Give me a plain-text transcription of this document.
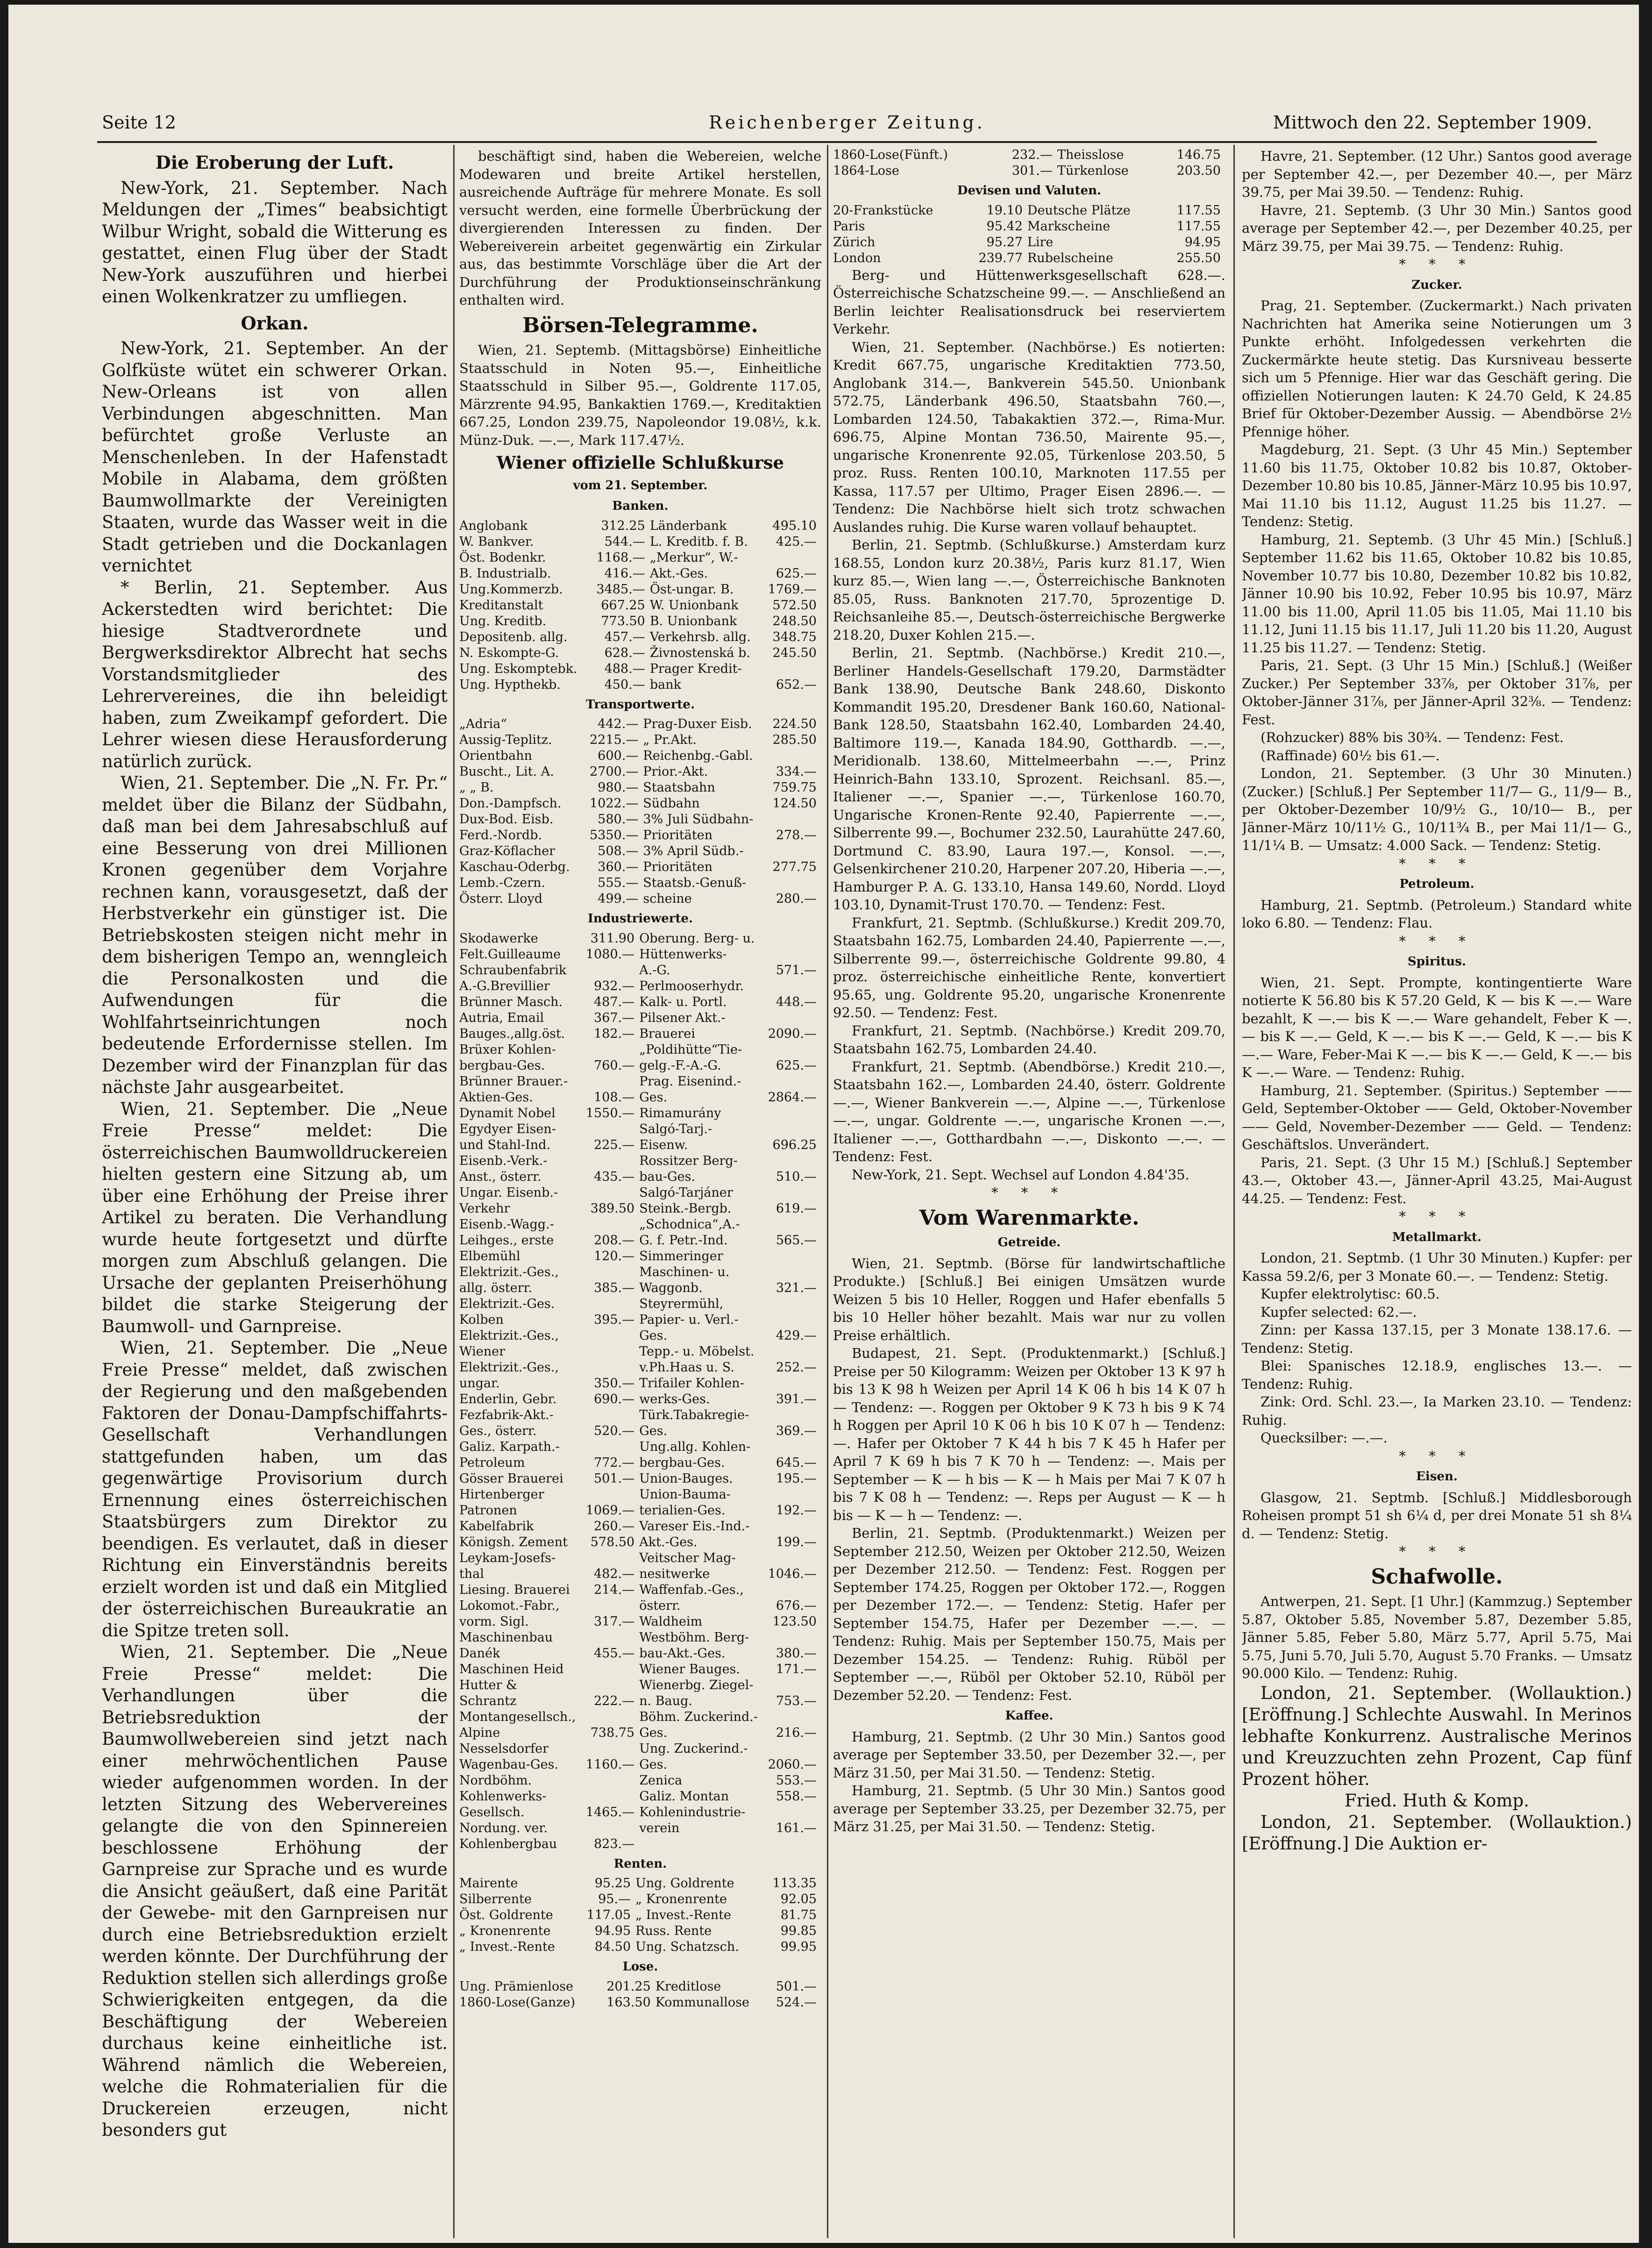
Seite 12	Reichenberger Zeitung.	Mittwoch den 22. September 1909.
Die Eroberung der Luft.

New-York, 21. September. Nach Meldungen der „Times“ beabsichtigt Wilbur Wright, sobald die Witterung es gestattet, einen Flug über der Stadt New-York auszuführen und hierbei einen Wolkenkratzer zu umfliegen.

Orkan.

New-York, 21. September. An der Golfküste wütet ein schwerer Orkan. New-Orleans ist von allen Verbindungen abgeschnitten. Man befürchtet große Verluste an Menschenleben. In der Hafenstadt Mobile in Alabama, dem größten Baumwollmarkte der Vereinigten Staaten, wurde das Wasser weit in die Stadt getrieben und die Dockanlagen vernichtet

* Berlin, 21. September. Aus Ackerstedten wird berichtet: Die hiesige Stadtverordnete und Bergwerksdirektor Albrecht hat sechs Vorstandsmitglieder des Lehrervereines, die ihn beleidigt haben, zum Zweikampf gefordert. Die Lehrer wiesen diese Herausforderung natürlich zurück.

Wien, 21. September. Die „N. Fr. Pr.“ meldet über die Bilanz der Südbahn, daß man bei dem Jahresabschluß auf eine Besserung von drei Millionen Kronen gegenüber dem Vorjahre rechnen kann, vorausgesetzt, daß der Herbstverkehr ein günstiger ist. Die Betriebskosten steigen nicht mehr in dem bisherigen Tempo an, wenngleich die Personalkosten und die Aufwendungen für die Wohlfahrtseinrichtungen noch bedeutende Erfordernisse stellen. Im Dezember wird der Finanzplan für das nächste Jahr ausgearbeitet.

Wien, 21. September. Die „Neue Freie Presse“ meldet: Die österreichischen Baumwolldruckereien hielten gestern eine Sitzung ab, um über eine Erhöhung der Preise ihrer Artikel zu beraten. Die Verhandlung wurde heute fortgesetzt und dürfte morgen zum Abschluß gelangen. Die Ursache der geplanten Preiserhöhung bildet die starke Steigerung der Baumwoll- und Garnpreise.

Wien, 21. September. Die „Neue Freie Presse“ meldet, daß zwischen der Regierung und den maßgebenden Faktoren der Donau-Dampfschiffahrts-Gesellschaft Verhandlungen stattgefunden haben, um das gegenwärtige Provisorium durch Ernennung eines österreichischen Staatsbürgers zum Direktor zu beendigen. Es verlautet, daß in dieser Richtung ein Einverständnis bereits erzielt worden ist und daß ein Mitglied der österreichischen Bureaukratie an die Spitze treten soll.

Wien, 21. September. Die „Neue Freie Presse“ meldet: Die Verhandlungen über die Betriebsreduktion der Baumwollwebereien sind jetzt nach einer mehrwöchentlichen Pause wieder aufgenommen worden. In der letzten Sitzung des Webervereines gelangte die von den Spinnereien beschlossene Erhöhung der Garnpreise zur Sprache und es wurde die Ansicht geäußert, daß eine Parität der Gewebe- mit den Garnpreisen nur durch eine Betriebsreduktion erzielt werden könnte. Der Durchführung der Reduktion stellen sich allerdings große Schwierigkeiten entgegen, da die Beschäftigung der Webereien durchaus keine einheitliche ist. Während nämlich die Webereien, welche die Rohmaterialien für die Druckereien erzeugen, nicht besonders gut

beschäftigt sind, haben die Webereien, welche Modewaren und breite Artikel herstellen, ausreichende Aufträge für mehrere Monate. Es soll versucht werden, eine formelle Überbrückung der divergierenden Interessen zu finden. Der Webereiverein arbeitet gegenwärtig ein Zirkular aus, das bestimmte Vorschläge über die Art der Durchführung der Produktionseinschränkung enthalten wird.

Börsen-Telegramme.

Wien, 21. Septemb. (Mittagsbörse) Einheitliche Staatsschuld in Noten 95.—, Einheitliche Staatsschuld in Silber 95.—, Goldrente 117.05, Märzrente 94.95, Bankaktien 1769.—, Kreditaktien 667.25, London 239.75, Napoleondor 19.08½, k.k. Münz-Duk. —.—, Mark 117.47½.

Wiener offizielle Schlußkurse
vom 21. September.
Banken.
Anglobank	312.25	Länderbank	495.10
W. Bankver.	544.—	L. Kreditb. f. B.	425.—
Öst. Bodenkr.	1168.—	„Merkur“, W.-	
B. Industrialb.	416.—	Akt.-Ges.	625.—
Ung.Kommerzb.	3485.—	Öst-ungar. B.	1769.—
Kreditanstalt	667.25	W. Unionbank	572.50
Ung. Kreditb.	773.50	B. Unionbank	248.50
Depositenb. allg.	457.—	Verkehrsb. allg.	348.75
N. Eskompte-G.	628.—	Živnostenská b.	245.50
Ung. Eskomptebk.	488.—	Prager Kredit-	
Ung. Hypthekb.	450.—	bank	652.—
Transportwerte.
„Adria“	442.—	Prag-Duxer Eisb.	224.50
Aussig-Teplitz.	2215.—	„ Pr.Akt.	285.50
Orientbahn	600.—	Reichenbg.-Gabl.	
Buscht., Lit. A.	2700.—	Prior.-Akt.	334.—
„ „ B.	980.—	Staatsbahn	759.75
Don.-Dampfsch.	1022.—	Südbahn	124.50
Dux-Bod. Eisb.	580.—	3% Juli Südbahn-	
Ferd.-Nordb.	5350.—	Prioritäten	278.—
Graz-Köflacher	508.—	3% April Südb.-	
Kaschau-Oderbg.	360.—	Prioritäten	277.75
Lemb.-Czern.	555.—	Staatsb.-Genuß-	
Österr. Lloyd	499.—	scheine	280.—
Industriewerte.
Skodawerke	311.90	Oberung. Berg- u.	
Felt.Guilleaume	1080.—	Hüttenwerks-	
Schraubenfabrik		A.-G.	571.—
A.-G.Brevillier	932.—	Perlmooserhydr.	
Brünner Masch.	487.—	Kalk- u. Portl.	448.—
Autria, Email	367.—	Pilsener Akt.-	
Bauges.,allg.öst.	182.—	Brauerei	2090.—
Brüxer Kohlen-		„Poldihütte“Tie-	
bergbau-Ges.	760.—	gelg.-F.-A.-G.	625.—
Brünner Brauer.-		Prag. Eisenind.-	
Aktien-Ges.	108.—	Ges.	2864.—
Dynamit Nobel	1550.—	Rimamurány	
Egydyer Eisen-		Salgó-Tarj.-	
und Stahl-Ind.	225.—	Eisenw.	696.25
Eisenb.-Verk.-		Rossitzer Berg-	
Anst., österr.	435.—	bau-Ges.	510.—
Ungar. Eisenb.-		Salgó-Tarjáner	
Verkehr	389.50	Steink.-Bergb.	619.—
Eisenb.-Wagg.-		„Schodnica“,A.-	
Leihges., erste	208.—	G. f. Petr.-Ind.	565.—
Elbemühl	120.—	Simmeringer	
Elektrizit.-Ges.,		Maschinen- u.	
allg. österr.	385.—	Waggonb.	321.—
Elektrizit.-Ges.		Steyrermühl,	
Kolben	395.—	Papier- u. Verl.-	
Elektrizit.-Ges.,		Ges.	429.—
Wiener		Tepp.- u. Möbelst.	
Elektrizit.-Ges.,		v.Ph.Haas u. S.	252.—
ungar.	350.—	Trifailer Kohlen-	
Enderlin, Gebr.	690.—	werks-Ges.	391.—
Fezfabrik-Akt.-		Türk.Tabakregie-	
Ges., österr.	520.—	Ges.	369.—
Galiz. Karpath.-		Ung.allg. Kohlen-	
Petroleum	772.—	bergbau-Ges.	645.—
Gösser Brauerei	501.—	Union-Bauges.	195.—
Hirtenberger		Union-Bauma-	
Patronen	1069.—	terialien-Ges.	192.—
Kabelfabrik	260.—	Vareser Eis.-Ind.-	
Königsh. Zement	578.50	Akt.-Ges.	199.—
Leykam-Josefs-		Veitscher Mag-	
thal	482.—	nesitwerke	1046.—
Liesing. Brauerei	214.—	Waffenfab.-Ges.,	
Lokomot.-Fabr.,		österr.	676.—
vorm. Sigl.	317.—	Waldheim	123.50
Maschinenbau		Westböhm. Berg-	
Danék	455.—	bau-Akt.-Ges.	380.—
Maschinen Heid		Wiener Bauges.	171.—
Hutter &		Wienerbg. Ziegel-	
Schrantz	222.—	n. Baug.	753.—
Montangesellsch.,		Böhm. Zuckerind.-	
Alpine	738.75	Ges.	216.—
Nesselsdorfer		Ung. Zuckerind.-	
Wagenbau-Ges.	1160.—	Ges.	2060.—
Nordböhm.		Zenica	553.—
Kohlenwerks-		Galiz. Montan	558.—
Gesellsch.	1465.—	Kohlenindustrie-	
Nordung. ver.		verein	161.—
Kohlenbergbau	823.—		
Renten.
Mairente	95.25	Ung. Goldrente	113.35
Silberrente	95.—	„ Kronenrente	92.05
Öst. Goldrente	117.05	„ Invest.-Rente	81.75
„ Kronenrente	94.95	Russ. Rente	99.85
„ Invest.-Rente	84.50	Ung. Schatzsch.	99.95
Lose.
Ung. Prämienlose	201.25	Kreditlose	501.—
1860-Lose(Ganze)	163.50	Kommunallose	524.—
1860-Lose(Fünft.)	232.—	Theisslose	146.75
1864-Lose	301.—	Türkenlose	203.50
Devisen und Valuten.
20-Frankstücke	19.10	Deutsche Plätze	117.55
Paris	95.42	Markscheine	117.55
Zürich	95.27	Lire	94.95
London	239.77	Rubelscheine	255.50

Berg- und Hüttenwerksgesellschaft 628.—. Österreichische Schatzscheine 99.—. — Anschließend an Berlin leichter Realisationsdruck bei reserviertem Verkehr.

Wien, 21. September. (Nachbörse.) Es notierten: Kredit 667.75, ungarische Kreditaktien 773.50, Anglobank 314.—, Bankverein 545.50. Unionbank 572.75, Länderbank 496.50, Staatsbahn 760.—, Lombarden 124.50, Tabakaktien 372.—, Rima-Mur. 696.75, Alpine Montan 736.50, Mairente 95.—, ungarische Kronenrente 92.05, Türkenlose 203.50, 5 proz. Russ. Renten 100.10, Marknoten 117.55 per Kassa, 117.57 per Ultimo, Prager Eisen 2896.—. — Tendenz: Die Nachbörse hielt sich trotz schwachen Auslandes ruhig. Die Kurse waren vollauf behauptet.

Berlin, 21. Septmb. (Schlußkurse.) Amsterdam kurz 168.55, London kurz 20.38½, Paris kurz 81.17, Wien kurz 85.—, Wien lang —.—, Österreichische Banknoten 85.05, Russ. Banknoten 217.70, 5prozentige D. Reichsanleihe 85.—, Deutsch-österreichische Bergwerke 218.20, Duxer Kohlen 215.—.

Berlin, 21. Septmb. (Nachbörse.) Kredit 210.—, Berliner Handels-Gesellschaft 179.20, Darmstädter Bank 138.90, Deutsche Bank 248.60, Diskonto Kommandit 195.20, Dresdener Bank 160.60, National-Bank 128.50, Staatsbahn 162.40, Lombarden 24.40, Baltimore 119.—, Kanada 184.90, Gotthardb. —.—, Meridionalb. 138.60, Mittelmeerbahn —.—, Prinz Heinrich-Bahn 133.10, Sprozent. Reichsanl. 85.—, Italiener —.—, Spanier —.—, Türkenlose 160.70, Ungarische Kronen-Rente 92.40, Papierrente —.—, Silberrente 99.—, Bochumer 232.50, Laurahütte 247.60, Dortmund C. 83.90, Laura 197.—, Konsol. —.—, Gelsenkirchener 210.20, Harpener 207.20, Hiberia —.—, Hamburger P. A. G. 133.10, Hansa 149.60, Nordd. Lloyd 103.10, Dynamit-Trust 170.70. — Tendenz: Fest.

Frankfurt, 21. Septmb. (Schlußkurse.) Kredit 209.70, Staatsbahn 162.75, Lombarden 24.40, Papierrente —.—, Silberrente 99.—, österreichische Goldrente 99.80, 4 proz. österreichische einheitliche Rente, konvertiert 95.65, ung. Goldrente 95.20, ungarische Kronenrente 92.50. — Tendenz: Fest.

Frankfurt, 21. Septmb. (Nachbörse.) Kredit 209.70, Staatsbahn 162.75, Lombarden 24.40.

Frankfurt, 21. Septmb. (Abendbörse.) Kredit 210.—, Staatsbahn 162.—, Lombarden 24.40, österr. Goldrente —.—, Wiener Bankverein —.—, Alpine —.—, Türkenlose —.—, ungar. Goldrente —.—, ungarische Kronen —.—, Italiener —.—, Gotthardbahn —.—, Diskonto —.—. — Tendenz: Fest.

New-York, 21. Sept. Wechsel auf London 4.84'35.

* * *
Vom Warenmarkte.
Getreide.

Wien, 21. Septmb. (Börse für landwirtschaftliche Produkte.) [Schluß.] Bei einigen Umsätzen wurde Weizen 5 bis 10 Heller, Roggen und Hafer ebenfalls 5 bis 10 Heller höher bezahlt. Mais war nur zu vollen Preise erhältlich.

Budapest, 21. Sept. (Produktenmarkt.) [Schluß.] Preise per 50 Kilogramm: Weizen per Oktober 13 K 97 h bis 13 K 98 h Weizen per April 14 K 06 h bis 14 K 07 h — Tendenz: —. Roggen per Oktober 9 K 73 h bis 9 K 74 h Roggen per April 10 K 06 h bis 10 K 07 h — Tendenz: —. Hafer per Oktober 7 K 44 h bis 7 K 45 h Hafer per April 7 K 69 h bis 7 K 70 h — Tendenz: —. Mais per September — K — h bis — K — h Mais per Mai 7 K 07 h bis 7 K 08 h — Tendenz: —. Reps per August — K — h bis — K — h — Tendenz: —.

Berlin, 21. Septmb. (Produktenmarkt.) Weizen per September 212.50, Weizen per Oktober 212.50, Weizen per Dezember 212.50. — Tendenz: Fest. Roggen per September 174.25, Roggen per Oktober 172.—, Roggen per Dezember 172.—. — Tendenz: Stetig. Hafer per September 154.75, Hafer per Dezember —.—. — Tendenz: Ruhig. Mais per September 150.75, Mais per Dezember 154.25. — Tendenz: Ruhig. Rüböl per September —.—, Rüböl per Oktober 52.10, Rüböl per Dezember 52.20. — Tendenz: Fest.

Kaffee.

Hamburg, 21. Septmb. (2 Uhr 30 Min.) Santos good average per September 33.50, per Dezember 32.—, per März 31.50, per Mai 31.50. — Tendenz: Stetig.

Hamburg, 21. Septmb. (5 Uhr 30 Min.) Santos good average per September 33.25, per Dezember 32.75, per März 31.25, per Mai 31.50. — Tendenz: Stetig.

Havre, 21. September. (12 Uhr.) Santos good average per September 42.—, per Dezember 40.—, per März 39.75, per Mai 39.50. — Tendenz: Ruhig.

Havre, 21. Septemb. (3 Uhr 30 Min.) Santos good average per September 42.—, per Dezember 40.25, per März 39.75, per Mai 39.75. — Tendenz: Ruhig.

* * *
Zucker.

Prag, 21. September. (Zuckermarkt.) Nach privaten Nachrichten hat Amerika seine Notierungen um 3 Punkte erhöht. Infolgedessen verkehrten die Zuckermärkte heute stetig. Das Kursniveau besserte sich um 5 Pfennige. Hier war das Geschäft gering. Die offiziellen Notierungen lauten: K 24.70 Geld, K 24.85 Brief für Oktober-Dezember Aussig. — Abendbörse 2½ Pfennige höher.

Magdeburg, 21. Sept. (3 Uhr 45 Min.) September 11.60 bis 11.75, Oktober 10.82 bis 10.87, Oktober-Dezember 10.80 bis 10.85, Jänner-März 10.95 bis 10.97, Mai 11.10 bis 11.12, August 11.25 bis 11.27. — Tendenz: Stetig.

Hamburg, 21. Septemb. (3 Uhr 45 Min.) [Schluß.] September 11.62 bis 11.65, Oktober 10.82 bis 10.85, November 10.77 bis 10.80, Dezember 10.82 bis 10.82, Jänner 10.90 bis 10.92, Feber 10.95 bis 10.97, März 11.00 bis 11.00, April 11.05 bis 11.05, Mai 11.10 bis 11.12, Juni 11.15 bis 11.17, Juli 11.20 bis 11.20, August 11.25 bis 11.27. — Tendenz: Stetig.

Paris, 21. Sept. (3 Uhr 15 Min.) [Schluß.] (Weißer Zucker.) Per September 33⅞, per Oktober 31⅞, per Oktober-Jänner 31⅞, per Jänner-April 32⅜. — Tendenz: Fest.

(Rohzucker) 88% bis 30¾. — Tendenz: Fest.

(Raffinade) 60½ bis 61.—.

London, 21. September. (3 Uhr 30 Minuten.) (Zucker.) [Schluß.] Per September 11/7— G., 11/9— B., per Oktober-Dezember 10/9½ G., 10/10— B., per Jänner-März 10/11½ G., 10/11¾ B., per Mai 11/1— G., 11/1¼ B. — Umsatz: 4.000 Sack. — Tendenz: Stetig.

* * *
Petroleum.

Hamburg, 21. Septmb. (Petroleum.) Standard white loko 6.80. — Tendenz: Flau.

* * *
Spiritus.

Wien, 21. Sept. Prompte, kontingentierte Ware notierte K 56.80 bis K 57.20 Geld, K — bis K —.— Ware bezahlt, K —.— bis K —.— Ware gehandelt, Feber K —.— bis K —.— Geld, K —.— bis K —.— Geld, K —.— bis K —.— Ware, Feber-Mai K —.— bis K —.— Geld, K —.— bis K —.— Ware. — Tendenz: Ruhig.

Hamburg, 21. September. (Spiritus.) September —— Geld, September-Oktober —— Geld, Oktober-November —— Geld, November-Dezember —— Geld. — Tendenz: Geschäftslos. Unverändert.

Paris, 21. Sept. (3 Uhr 15 M.) [Schluß.] September 43.—, Oktober 43.—, Jänner-April 43.25, Mai-August 44.25. — Tendenz: Fest.

* * *
Metallmarkt.

London, 21. Septmb. (1 Uhr 30 Minuten.) Kupfer: per Kassa 59.2/6, per 3 Monate 60.—. — Tendenz: Stetig.

Kupfer elektrolytisc: 60.5.

Kupfer selected: 62.—.

Zinn: per Kassa 137.15, per 3 Monate 138.17.6. — Tendenz: Stetig.

Blei: Spanisches 12.18.9, englisches 13.—. — Tendenz: Ruhig.

Zink: Ord. Schl. 23.—, Ia Marken 23.10. — Tendenz: Ruhig.

Quecksilber: —.—.

* * *
Eisen.

Glasgow, 21. Septmb. [Schluß.] Middlesborough Roheisen prompt 51 sh 6¼ d, per drei Monate 51 sh 8¼ d. — Tendenz: Stetig.

* * *
Schafwolle.

Antwerpen, 21. Sept. [1 Uhr.] (Kammzug.) September 5.87, Oktober 5.85, November 5.87, Dezember 5.85, Jänner 5.85, Feber 5.80, März 5.77, April 5.75, Mai 5.75, Juni 5.70, Juli 5.70, August 5.70 Franks. — Umsatz 90.000 Kilo. — Tendenz: Ruhig.

London, 21. September. (Wollauktion.) [Eröffnung.] Schlechte Auswahl. In Merinos lebhafte Konkurrenz. Australische Merinos und Kreuzzuchten zehn Prozent, Cap fünf Prozent höher.

Fried. Huth & Komp.

London, 21. September. (Wollauktion.) [Eröffnung.] Die Auktion er-
